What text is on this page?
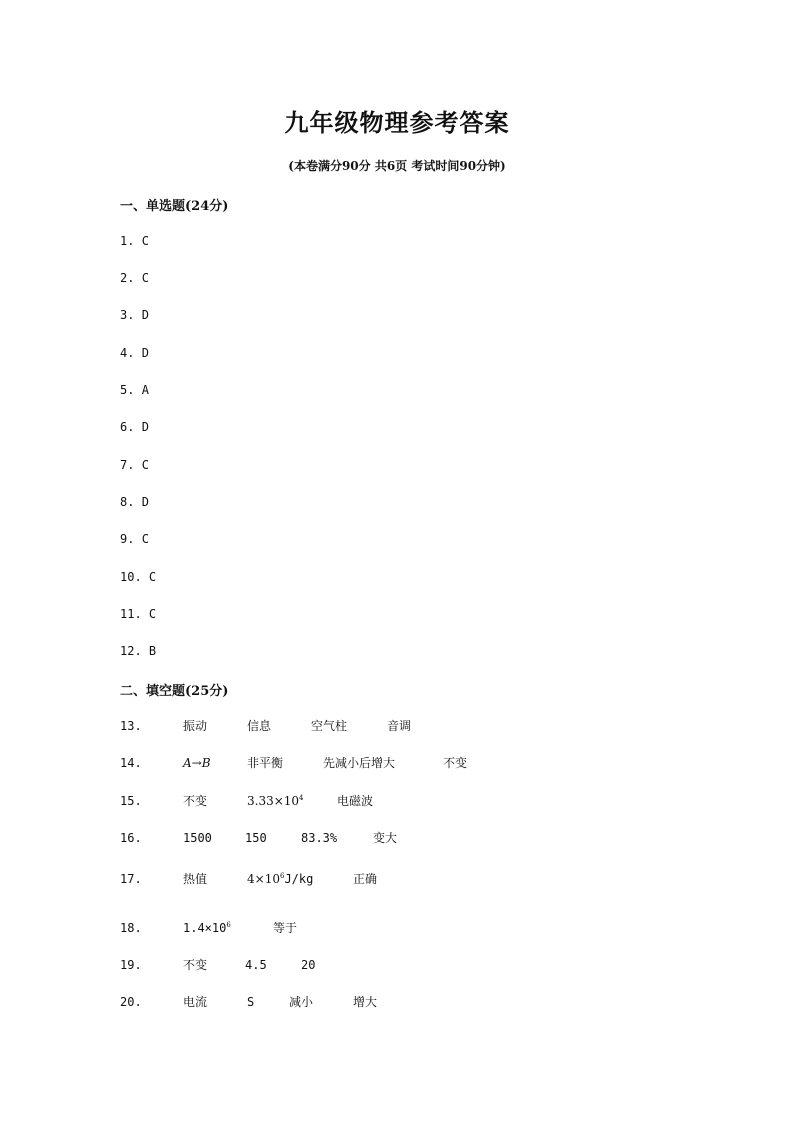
九年级物理参考答案
(本卷满分90分 共6页 考试时间90分钟)
一、单选题(24分)
1. C
2. C
3. D
4. D
5. A
6. D
7. C
8. D
9. C
10. C
11. C
12. B
二、填空题(25分)
13.	振动	信息	空气柱	音调
14.	A→B	非平衡	先减小后增大	不变
15.	不变	$3.33\times 10^4$	电磁波
16.	1500	150	83.3%	变大
17.	热值	$4\times 10^6J/kg$	正确
18.	$1.4\times 10^6$	等于
19.	不变	4.5	20
20.	电流	S	减小	增大
